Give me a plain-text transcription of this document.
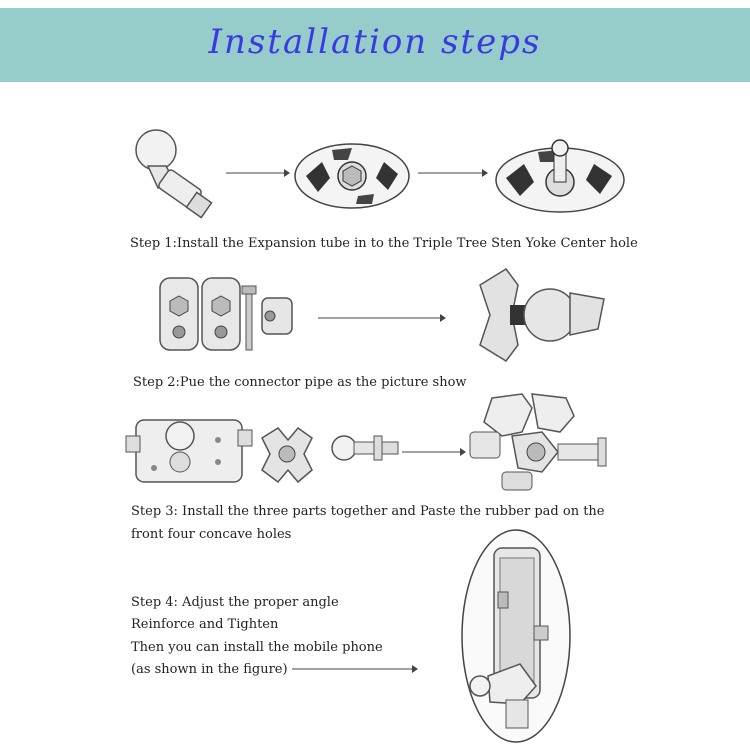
Installation steps
Step 1:Install the Expansion tube in to the Triple Tree Sten Yoke Center hole
Step 2:Pue the connector pipe as the picture show
Step 3: Install the three parts together and Paste the rubber pad on the
front four concave holes
Step 4: Adjust the proper angle
Reinforce and Tighten
Then you can install the mobile phone
(as shown in the figure)
